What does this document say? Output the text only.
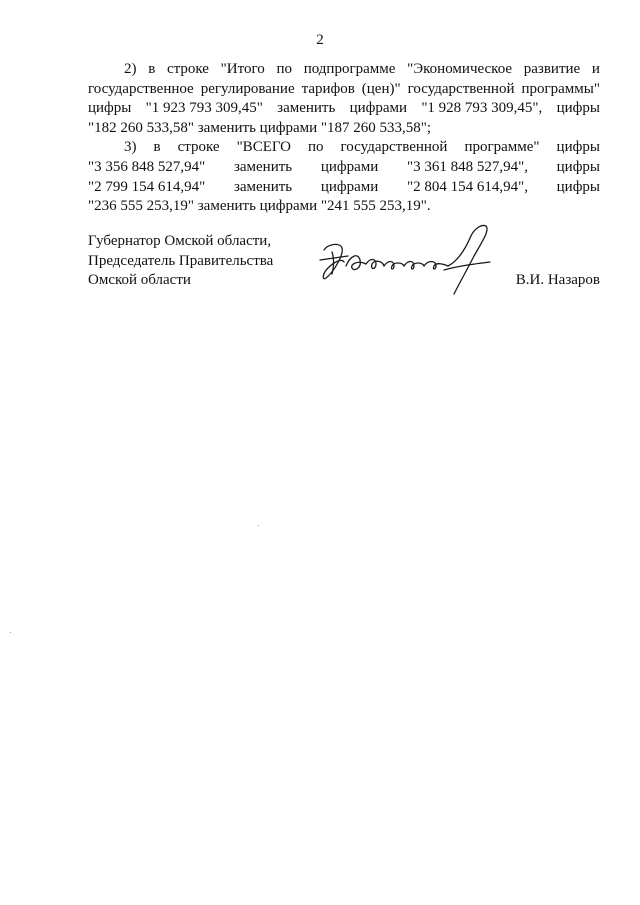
2
2) в строке "Итого по подпрограмме "Экономическое развитие и
государственное регулирование тарифов (цен)" государственной программы"
цифры "1 923 793 309,45" заменить цифрами "1 928 793 309,45", цифры
"182 260 533,58" заменить цифрами "187 260 533,58";
3) в строке "ВСЕГО по государственной программе" цифры
"3 356 848 527,94" заменить цифрами "3 361 848 527,94", цифры
"2 799 154 614,94" заменить цифрами "2 804 154 614,94", цифры
"236 555 253,19" заменить цифрами "241 555 253,19".
Губернатор Омской области,
Председатель Правительства
Омской области	В.И. Назаров
